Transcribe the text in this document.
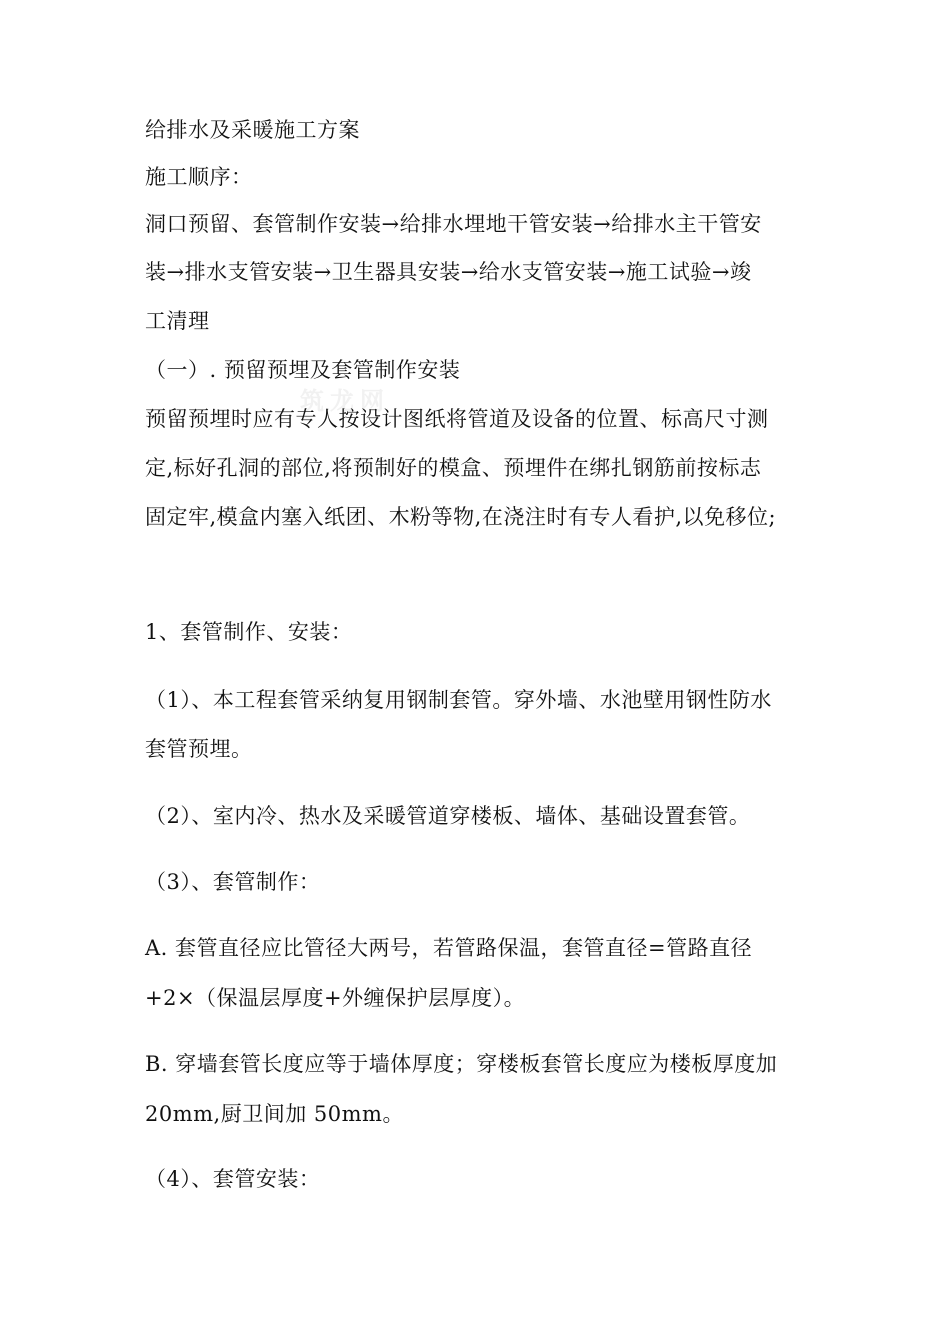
筑龙网
给排水及采暖施工方案
施工顺序：
洞口预留、套管制作安装→给排水埋地干管安装→给排水主干管安
装→排水支管安装→卫生器具安装→给水支管安装→施工试验→竣
工清理
（一）. 预留预埋及套管制作安装
预留预埋时应有专人按设计图纸将管道及设备的位置、标高尺寸测
定,标好孔洞的部位,将预制好的模盒、预埋件在绑扎钢筋前按标志
固定牢,模盒内塞入纸团、木粉等物,在浇注时有专人看护,以免移位;
1、套管制作、安装：
（1）、本工程套管采纳复用钢制套管。穿外墙、水池壁用钢性防水
套管预埋。
（2）、室内冷、热水及采暖管道穿楼板、墙体、基础设置套管。
（3）、套管制作：
A. 套管直径应比管径大两号，若管路保温，套管直径=管路直径
+2×（保温层厚度+外缠保护层厚度）。
B. 穿墙套管长度应等于墙体厚度；穿楼板套管长度应为楼板厚度加
20mm,厨卫间加 50mm。
（4）、套管安装：
